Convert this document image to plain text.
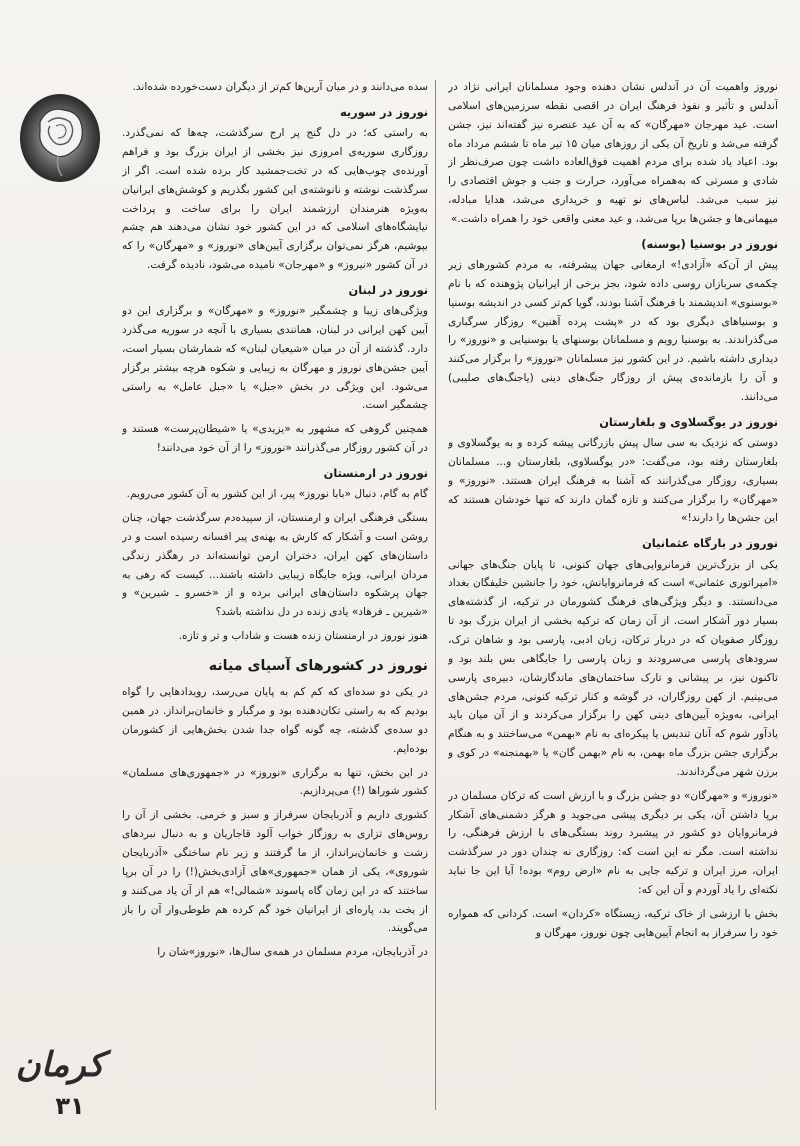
سده می‌دانند و در میان آرین‌ها کم‌تر از دیگران دست‌خورده شده‌اند.

نوروز در سوریه

به راستی که؛ در دل گنج پر ارج سرگذشت، چه‌ها که نمی‌گذرد. روزگاری سوریه‌ی امروزی نیز بخشی از ایران بزرگ بود و فراهم آورنده‌ی چوب‌هایی که در تخت‌جمشید کار برده شده است. اگر از سرگذشت نوشته و نانوشته‌ی این کشور بگذریم و کوشش‌های ایرانیان به‌ویژه هنرمندان ارزشمند ایران را برای ساخت و پرداخت نیایشگاه‌های اسلامی که در این کشور خود نشان می‌دهند هم چشم بپوشیم، هرگز نمی‌توان برگزاری آیین‌های «نوروز» و «مهرگان» را که در آن کشور «نیروز» و «مهرجان» نامیده می‌شود، نادیده گرفت.

نوروز در لبنان

ویژگی‌های زیبا و چشمگیر «نوروز» و «مهرگان» و برگزاری این دو آیین کهن ایرانی در لبنان، همانندی بسیاری با آنچه در سوریه می‌گذرد دارد. گذشته از آن در میان «شیعیان لبنان» که شمارشان بسیار است، آیین جشن‌های نوروز و مهرگان به زیبایی و شکوه هرچه بیشتر برگزار می‌شود. این ویژگی در بخش «جبل» یا «جبل عامل» به راستی چشمگیر است.

همچنین گروهی که مشهور به «یزیدی» یا «شیطان‌پرست» هستند و در آن کشور روزگار می‌گذرانند «نوروز» را از آن خود می‌دانند!

نوروز در ارمنستان

گام به گام، دنبال «بابا نوروز» پیر، از این کشور به آن کشور می‌رویم.

بستگی فرهنگی ایران و ارمنستان، از سپیده‌دم سرگذشت جهان، چنان روشن است و آشکار که کارش به بهنه‌ی پیر افسانه رسیده است و در داستان‌های کهن ایران، دختران ارمن توانسته‌اند در رهگذر زندگی مردان ایرانی، ویژه جایگاه زیبایی داشته باشند... کیست که رهی به جهان پرشکوه داستان‌های ایرانی برده و از «خسرو ـ شیرین» و «شیرین ـ فرهاد» یادی زنده در دل نداشته باشد؟

هنوز نوروز در ارمنستان زنده هست و شاداب و تر و تازه.

نوروز در کشورهای آسیای میانه

در یکی دو سده‌ای که کم کم به پایان می‌رسد، رویدادهایی را گواه بودیم که به راستی تکان‌دهنده بود و مرگبار و خانمان‌برانداز. در همین دو سده‌ی گذشته، چه گونه گواه جدا شدن بخش‌هایی از کشورمان بوده‌ایم.

در این بخش، تنها به برگزاری «نوروز» در «جمهوری‌های مسلمان» کشور شوراها (!) می‌پردازیم.

کشوری داریم و آذربایجان سرفراز و سبز و خرمی. بخشی از آن را روس‌های تزاری به روزگار خواب آلود قاجاریان و به دنبال نبردهای زشت و خانمان‌برانداز، از ما گرفتند و زیر نام ساختگی «آذربایجان شوروی»، یکی از همان «جمهوری»های آزادی‌بخش(!) را در آن برپا ساختند که در این زمان گاه پاسوند «شمالی!» هم از آن یاد می‌کنند و از بخت بد، پاره‌ای از ایرانیان خود گم کرده هم طوطی‌وار آن را باز می‌گویند.

در آذربایجان، مردم مسلمان در همه‌ی سال‌ها، «نوروز»شان را

نوروز واهمیت آن در آندلس نشان دهنده وجود مسلمانان ایرانی نژاد در آندلس و تأثیر و نفوذ فرهنگ ایران در اقصی نقطه سرزمین‌های اسلامی است. عید مهرجان «مهرگان» که به آن عید عنصره نیز گفته‌اند نیز، جشن گرفته می‌شد و تاریخ آن یکی از روزهای میان ۱۵ تیر ماه تا ششم مرداد ماه بود. اعیاد یاد شده برای مردم اهمیت فوق‌العاده داشت چون صرف‌نظر از شادی و مسرتی که به‌همراه می‌آورد، حرارت و جنب و جوش اقتصادی را نیز سبب می‌شد. لباس‌های نو تهیه و خریداری می‌شد، هدایا مبادله، میهمانی‌ها و جشن‌ها برپا می‌شد، و عید معنی واقعی خود را همراه داشت.»

نوروز در بوسنیا (بوسنه)

پیش از آن‌که «آزادی!» ارمغانی جهان پیشرفته، به مردم کشورهای زیر چکمه‌ی سربازان روسی داده شود، بجز برخی از ایرانیان پژوهنده که با نام «بوسنوی» اندیشمند با فرهنگ آشنا بودند، گویا کم‌تر کسی در اندیشه بوسنیا و بوسنیاهای دیگری بود که در «پشت پرده آهنین» روزگار سرگباری می‌گذراندند. به بوسنیا رویم و مسلمانان بوسنهای یا بوسنیایی و «نوروز» را دیداری داشته باشیم. در این کشور نیز مسلمانان «نوروز» را برگزار می‌کنند و آن را بازمانده‌ی پیش از روزگار جنگ‌های دینی (یاجنگ‌های صلیبی) می‌دانند.

نوروز در یوگسلاوی و بلغارستان

دوستی که نزدیک به سی سال پیش بازرگانی پیشه کرده و به یوگسلاوی و بلغارستان رفته بود، می‌گفت: «در یوگسلاوی، بلغارستان و... مسلمانان بسیاری، روزگار می‌گذرانند که آشنا به فرهنگ ایران هستند. «نوروز» و «مهرگان» را برگزار می‌کنند و تازه گمان دارند که تنها خودشان هستند که این جشن‌ها را دارند!»

نوروز در بارگاه عثمانیان

یکی از بزرگ‌ترین فرمانروایی‌های جهان کنونی، تا پایان جنگ‌های جهانی «امپراتوری عثمانی» است که فرمانروایانش، خود را جانشین خلیفگان بغداد می‌دانستند. و دیگر ویژگی‌های فرهنگ کشورمان در ترکیه، از گذشته‌های بسیار دور آشکار است. از آن زمان که ترکیه بخشی از ایران بزرگ بود تا روزگار صفویان که در دربار ترکان، زبان ادبی، پارسی بود و شاهان ترک، سرودهای پارسی می‌سرودند و زبان پارسی را جایگاهی بس بلند بود و تاکنون نیز، بر پیشانی و تارک ساختمان‌های ماندگارشان، دبیره‌ی پارسی می‌بینیم. از کهن روزگاران، در گوشه و کنار ترکیه کنونی، مردم جشن‌های ایرانی، به‌ویژه آیین‌های دینی کهن را برگزار می‌کردند و از آن میان باید یادآور شوم که آنان تندیس یا پیکره‌ای به نام «بهمن» می‌ساختند و به هنگام برگزاری جشن بزرگ ماه بهمن، به نام «بهمن گان» یا «بهمنجنه» در کوی و برزن شهر می‌گرداندند.

«نوروز» و «مهرگان» دو جشن بزرگ و با ارزش است که ترکان مسلمان در برپا داشتن آن، یکی بر دیگری پیشی می‌جوید و هرگز دشمنی‌های آشکار فرمانروایان دو کشور در پیشبرد روند بستگی‌های با ارزش فرهنگی، را نداشته است. مگر نه این است که: روزگاری نه چندان دور در سرگذشت ایران، مرز ایران و ترکیه جایی به نام «ارض روم» بوده! آیا این جا نباید نکته‌ای را یاد آوردم و آن این که:

بخش با ارزشی از خاک ترکیه، زیستگاه «کردان» است. کردانی که همواره خود را سرفراز به انجام آیین‌هایی چون نوروز، مهرگان و

کرمان
۳۱
